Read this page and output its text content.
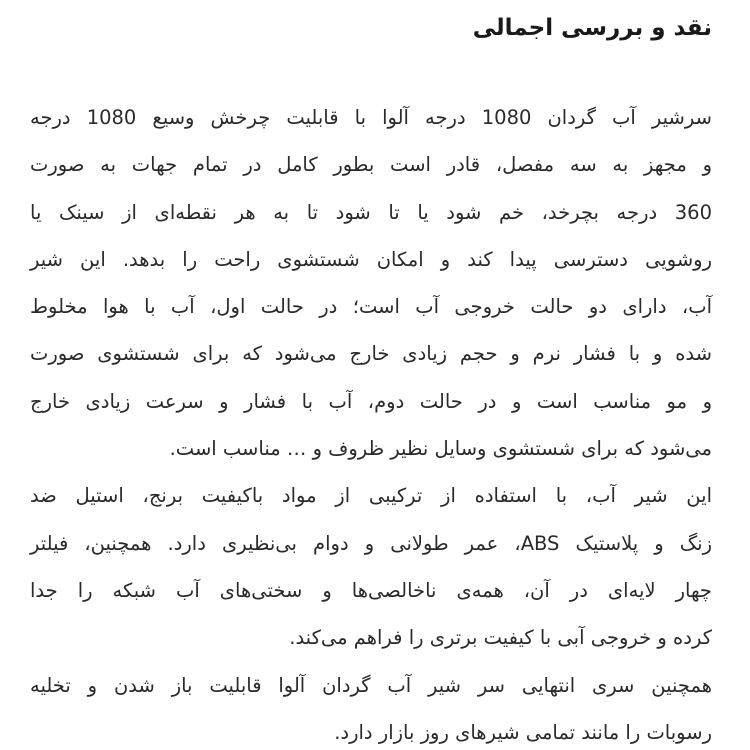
نقد و بررسی اجمالی
سرشیر آب گردان 1080 درجه آلوا با قابلیت چرخش وسیع 1080 درجه
و مجهز به سه مفصل، قادر است بطور کامل در تمام جهات به صورت
360 درجه بچرخد، خم شود یا تا شود تا به هر نقطه‌ای از سینک یا
روشویی دسترسی پیدا کند و امکان شستشوی راحت را بدهد. این شیر
آب، دارای دو حالت خروجی آب است؛ در حالت اول، آب با هوا مخلوط
شده و با فشار نرم و حجم زیادی خارج می‌شود که برای شستشوی صورت
و مو مناسب است و در حالت دوم، آب با فشار و سرعت زیادی خارج
می‌شود که برای شستشوی وسایل نظیر ظروف و … مناسب است.
این شیر آب، با استفاده از ترکیبی از مواد باکیفیت برنج، استیل ضد
زنگ و پلاستیک ABS، عمر طولانی و دوام بی‌نظیری دارد. همچنین، فیلتر
چهار لایه‌ای در آن، همه‌ی ناخالصی‌ها و سختی‌های آب شبکه را جدا
کرده و خروجی آبی با کیفیت برتری را فراهم می‌کند.
همچنین سری انتهایی سر شیر آب گردان آلوا قابلیت باز شدن و تخلیه
رسوبات را مانند تمامی شیرهای روز بازار دارد.
